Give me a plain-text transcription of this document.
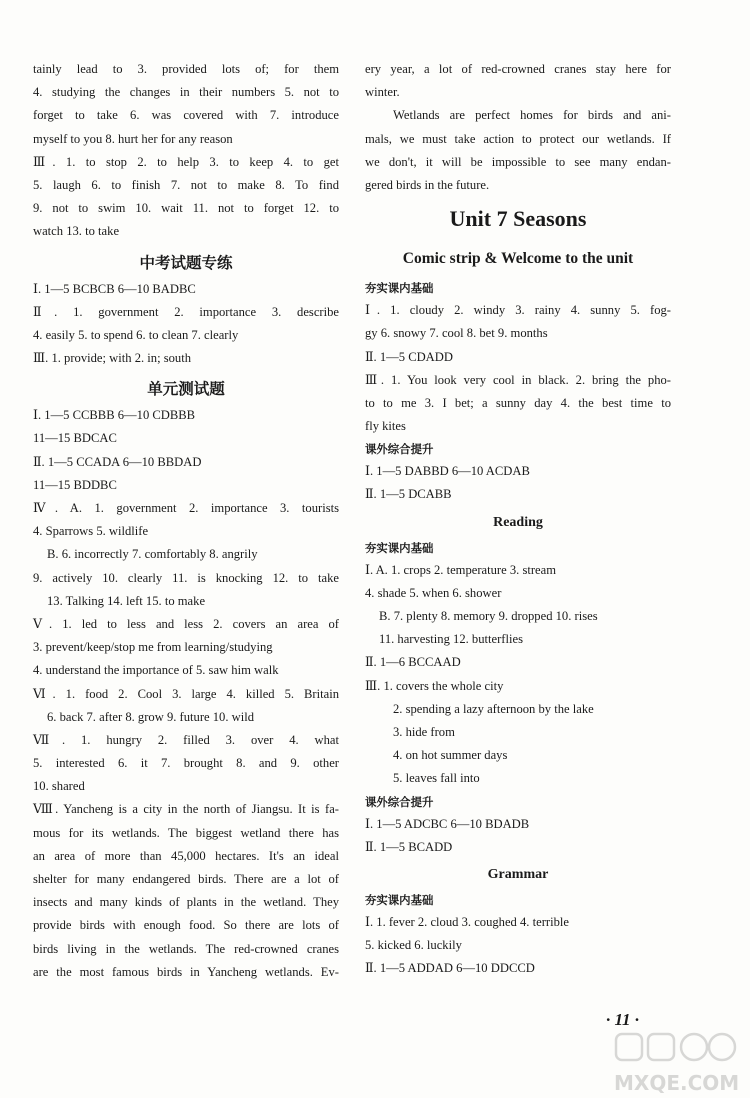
tainly lead to 3. provided lots of; for them
4. studying the changes in their numbers 5. not to
forget to take 6. was covered with 7. introduce
myself to you 8. hurt her for any reason
Ⅲ. 1. to stop 2. to help 3. to keep 4. to get
5. laugh 6. to finish 7. not to make 8. To find
9. not to swim 10. wait 11. not to forget 12. to
watch 13. to take
中考试题专练
Ⅰ. 1—5 BCBCB 6—10 BADBC
Ⅱ. 1. government 2. importance 3. describe
4. easily 5. to spend 6. to clean 7. clearly
Ⅲ. 1. provide; with 2. in; south
单元测试题
Ⅰ. 1—5 CCBBB 6—10 CDBBB
11—15 BDCAC
Ⅱ. 1—5 CCADA 6—10 BBDAD
11—15 BDDBC
Ⅳ. A. 1. government 2. importance 3. tourists
4. Sparrows 5. wildlife
B. 6. incorrectly 7. comfortably 8. angrily
9. actively 10. clearly 11. is knocking 12. to take
13. Talking 14. left 15. to make
Ⅴ. 1. led to less and less 2. covers an area of
3. prevent/keep/stop me from learning/studying
4. understand the importance of 5. saw him walk
Ⅵ. 1. food 2. Cool 3. large 4. killed 5. Britain
6. back 7. after 8. grow 9. future 10. wild
Ⅶ. 1. hungry 2. filled 3. over 4. what
5. interested 6. it 7. brought 8. and 9. other
10. shared
Ⅷ. Yancheng is a city in the north of Jiangsu. It is fa-
mous for its wetlands. The biggest wetland there has
an area of more than 45,000 hectares. It's an ideal
shelter for many endangered birds. There are a lot of
insects and many kinds of plants in the wetland. They
provide birds with enough food. So there are lots of
birds living in the wetlands. The red-crowned cranes
are the most famous birds in Yancheng wetlands. Ev-
ery year, a lot of red-crowned cranes stay here for
winter.
Wetlands are perfect homes for birds and ani-
mals, we must take action to protect our wetlands. If
we don't, it will be impossible to see many endan-
gered birds in the future.
Unit 7 Seasons
Comic strip & Welcome to the unit
夯实课内基础
Ⅰ. 1. cloudy 2. windy 3. rainy 4. sunny 5. fog-
gy 6. snowy 7. cool 8. bet 9. months
Ⅱ. 1—5 CDADD
Ⅲ. 1. You look very cool in black. 2. bring the pho-
to to me 3. I bet; a sunny day 4. the best time to
fly kites
课外综合提升
Ⅰ. 1—5 DABBD 6—10 ACDAB
Ⅱ. 1—5 DCABB
Reading
夯实课内基础
Ⅰ. A. 1. crops 2. temperature 3. stream
4. shade 5. when 6. shower
B. 7. plenty 8. memory 9. dropped 10. rises
11. harvesting 12. butterflies
Ⅱ. 1—6 BCCAAD
Ⅲ. 1. covers the whole city
2. spending a lazy afternoon by the lake
3. hide from
4. on hot summer days
5. leaves fall into
课外综合提升
Ⅰ. 1—5 ADCBC 6—10 BDADB
Ⅱ. 1—5 BCADD
Grammar
夯实课内基础
Ⅰ. 1. fever 2. cloud 3. coughed 4. terrible
5. kicked 6. luckily
Ⅱ. 1—5 ADDAD 6—10 DDCCD
· 11 ·
MXQE.COM
